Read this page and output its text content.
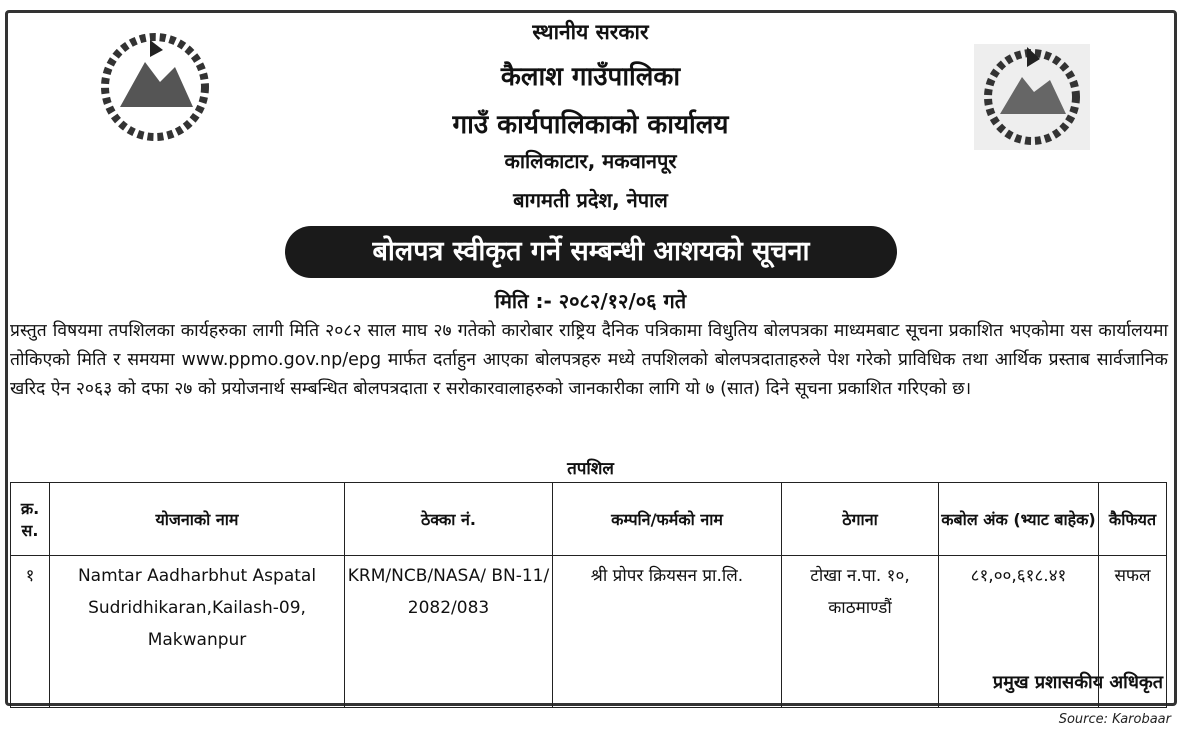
स्थानीय सरकार
कैलाश गाउँपालिका
गाउँ कार्यपालिकाको कार्यालय
कालिकाटार, मकवानपूर
बागमती प्रदेश, नेपाल
बोलपत्र स्वीकृत गर्ने सम्बन्धी आशयको सूचना
मिति :- २०८२/१२/०६ गते
प्रस्तुत विषयमा तपशिलका कार्यहरुका लागी मिति २०८२ साल माघ २७ गतेको कारोबार राष्ट्रिय दैनिक पत्रिकामा विधुतिय बोलपत्रका माध्यमबाट सूचना प्रकाशित भएकोमा यस कार्यालयमा तोकिएको मिति र समयमा www.ppmo.gov.np/epg मार्फत दर्ताहुन आएका बोलपत्रहरु मध्ये तपशिलको बोलपत्रदाताहरुले पेश गरेको प्राविधिक तथा आर्थिक प्रस्ताब सार्वजानिक खरिद ऐन २०६३ को दफा २७ को प्रयोजनार्थ सम्बन्धित बोलपत्रदाता र सरोकारवालाहरुको जानकारीका लागि यो ७ (सात) दिने सूचना प्रकाशित गरिएको छ।
तपशिल
क्र. स.	योजनाको नाम	ठेक्का नं.	कम्पनि/फर्मको नाम	ठेगाना	कबोल अंक (भ्याट बाहेक)	कैफियत
१	Namtar Aadharbhut Aspatal Sudridhikaran,Kailash-09, Makwanpur	KRM/NCB/NASA/ BN-11/ 2082/083	श्री प्रोपर क्रियसन प्रा.लि.	टोखा न.पा. १०, काठमाण्डौं	८१,००,६१८.४१	सफल
प्रमुख प्रशासकीय अधिकृत
Source: Karobaar
